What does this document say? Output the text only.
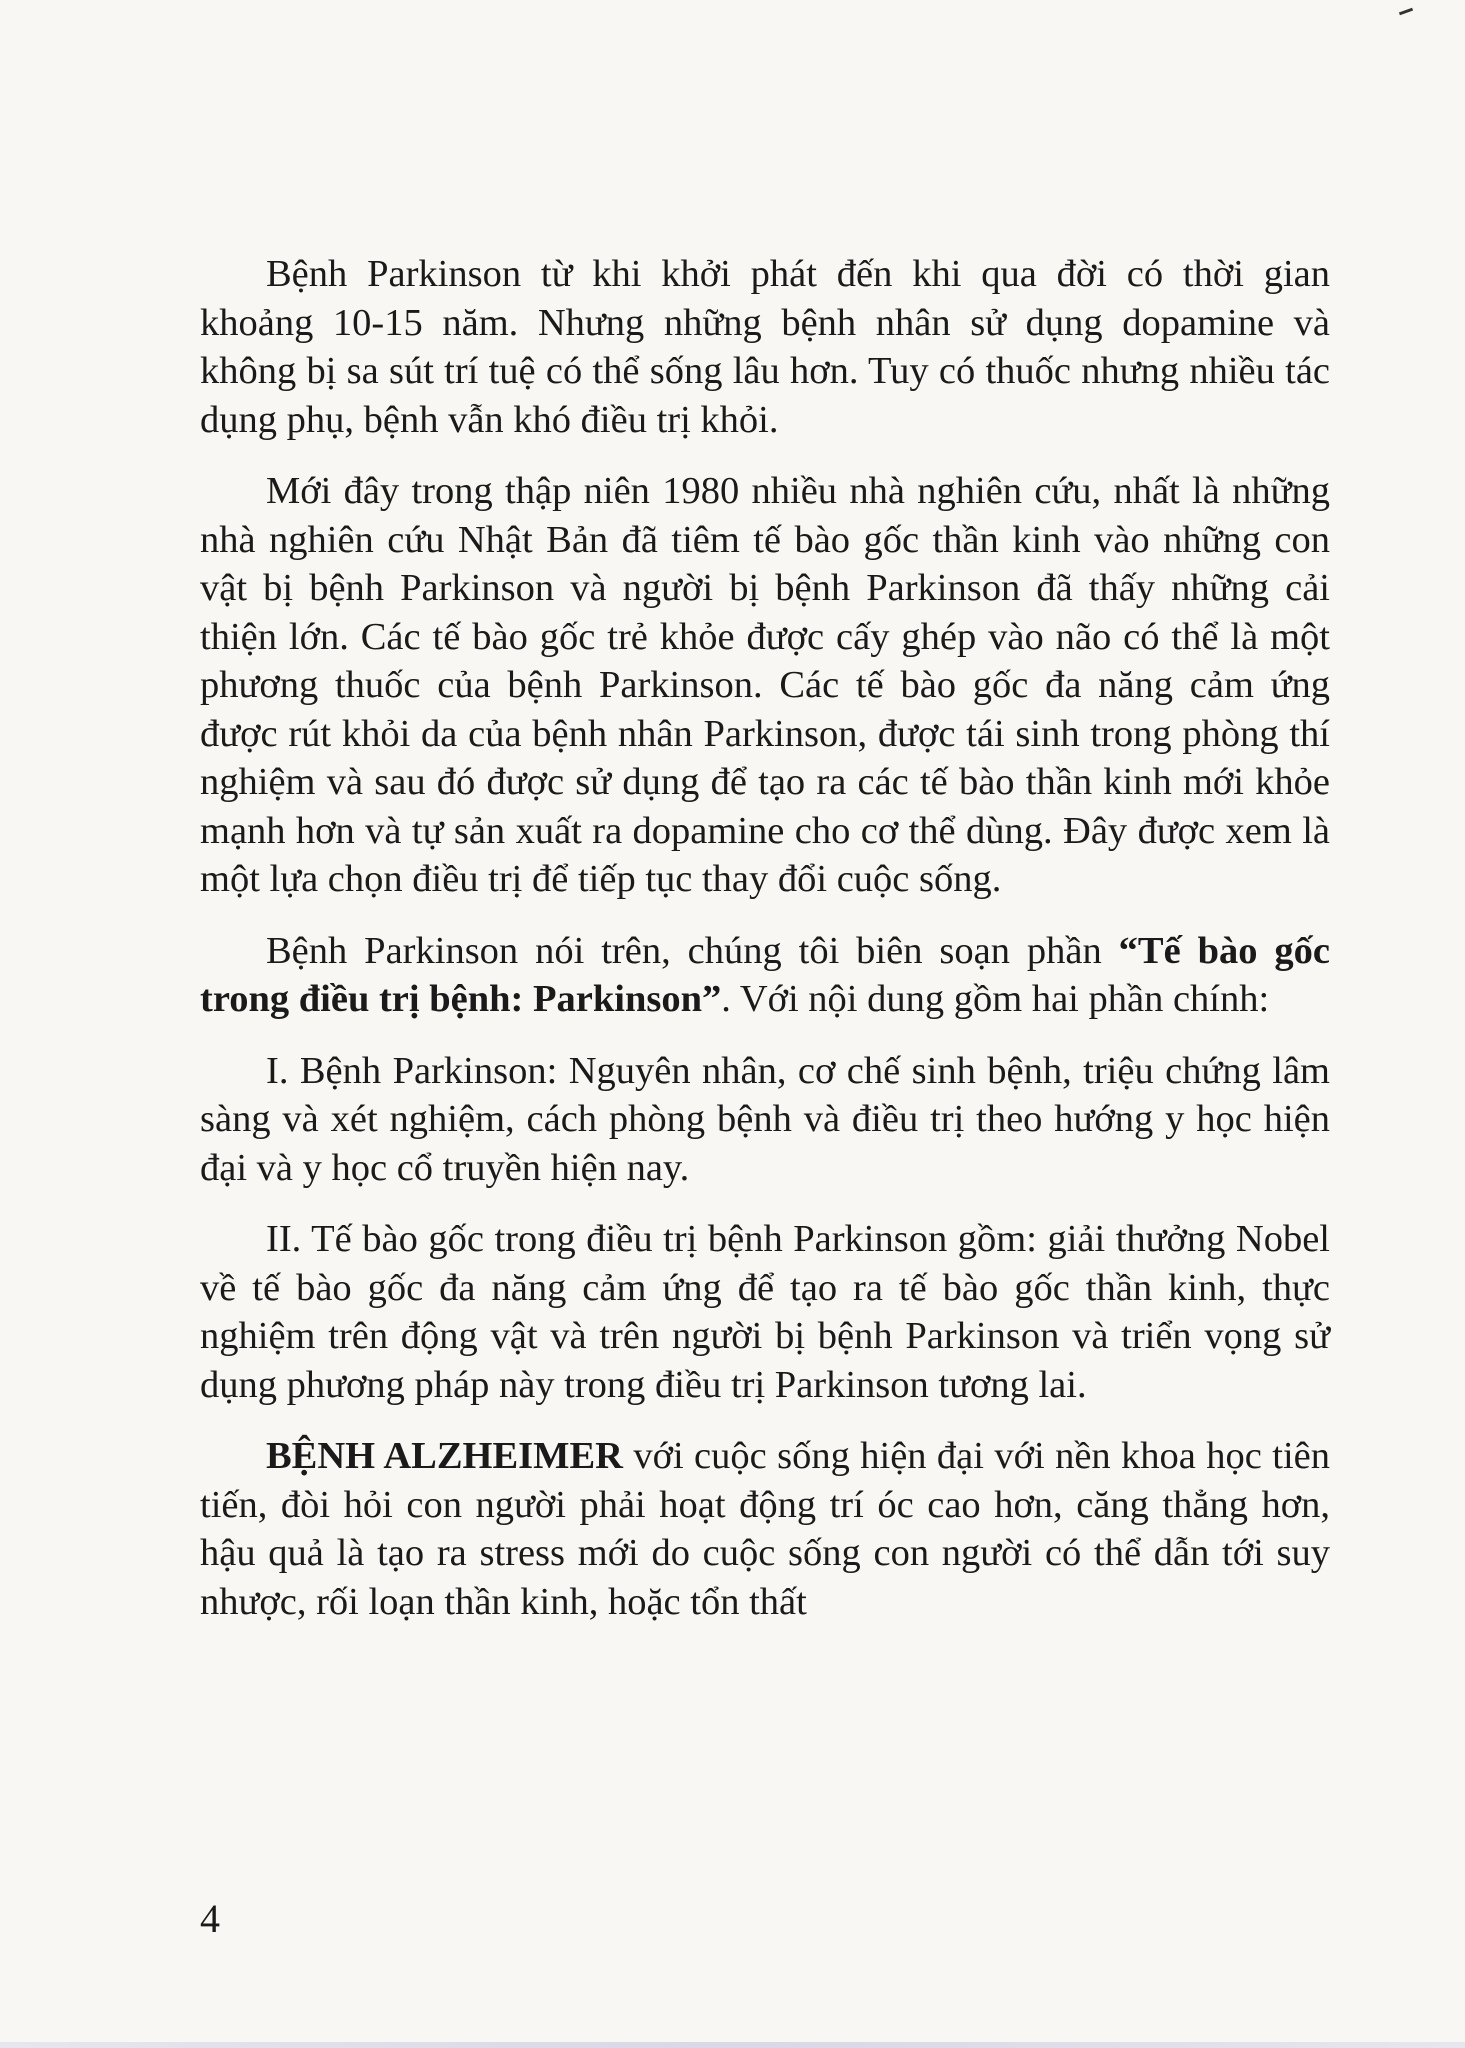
Bệnh Parkinson từ khi khởi phát đến khi qua đời có thời gian khoảng 10-15 năm. Nhưng những bệnh nhân sử dụng dopamine và không bị sa sút trí tuệ có thể sống lâu hơn. Tuy có thuốc nhưng nhiều tác dụng phụ, bệnh vẫn khó điều trị khỏi.

Mới đây trong thập niên 1980 nhiều nhà nghiên cứu, nhất là những nhà nghiên cứu Nhật Bản đã tiêm tế bào gốc thần kinh vào những con vật bị bệnh Parkinson và người bị bệnh Parkinson đã thấy những cải thiện lớn. Các tế bào gốc trẻ khỏe được cấy ghép vào não có thể là một phương thuốc của bệnh Parkinson. Các tế bào gốc đa năng cảm ứng được rút khỏi da của bệnh nhân Parkinson, được tái sinh trong phòng thí nghiệm và sau đó được sử dụng để tạo ra các tế bào thần kinh mới khỏe mạnh hơn và tự sản xuất ra dopamine cho cơ thể dùng. Đây được xem là một lựa chọn điều trị để tiếp tục thay đổi cuộc sống.

Bệnh Parkinson nói trên, chúng tôi biên soạn phần “Tế bào gốc trong điều trị bệnh: Parkinson”. Với nội dung gồm hai phần chính:

I. Bệnh Parkinson: Nguyên nhân, cơ chế sinh bệnh, triệu chứng lâm sàng và xét nghiệm, cách phòng bệnh và điều trị theo hướng y học hiện đại và y học cổ truyền hiện nay.

II. Tế bào gốc trong điều trị bệnh Parkinson gồm: giải thưởng Nobel về tế bào gốc đa năng cảm ứng để tạo ra tế bào gốc thần kinh, thực nghiệm trên động vật và trên người bị bệnh Parkinson và triển vọng sử dụng phương pháp này trong điều trị Parkinson tương lai.

BỆNH ALZHEIMER với cuộc sống hiện đại với nền khoa học tiên tiến, đòi hỏi con người phải hoạt động trí óc cao hơn, căng thẳng hơn, hậu quả là tạo ra stress mới do cuộc sống con người có thể dẫn tới suy nhược, rối loạn thần kinh, hoặc tổn thất

4
